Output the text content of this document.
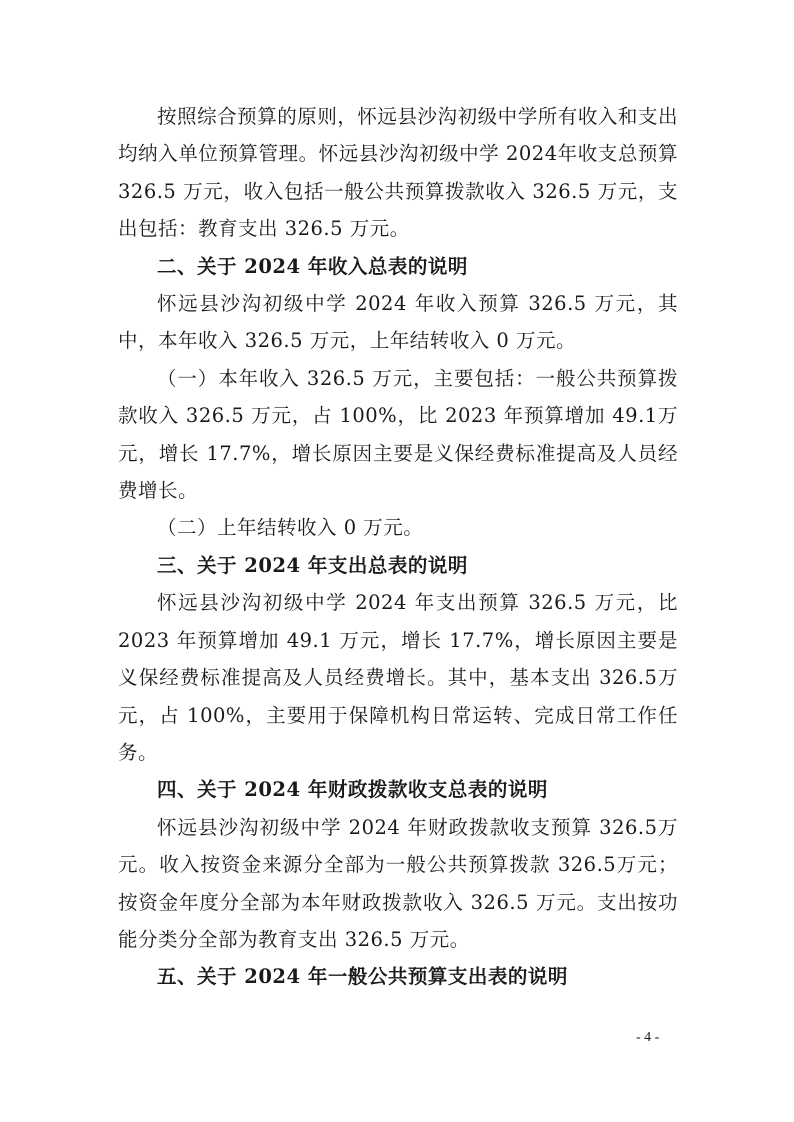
按照综合预算的原则，怀远县沙沟初级中学所有收入和支出均纳入单位预算管理。怀远县沙沟初级中学 2024年收支总预算 326.5 万元，收入包括一般公共预算拨款收入 326.5 万元，支出包括：教育支出 326.5 万元。

二、关于 2024 年收入总表的说明

怀远县沙沟初级中学 2024 年收入预算 326.5 万元，其中，本年收入 326.5 万元，上年结转收入 0 万元。

（一）本年收入 326.5 万元，主要包括：一般公共预算拨款收入 326.5 万元，占 100%，比 2023 年预算增加 49.1万元，增长 17.7%，增长原因主要是义保经费标准提高及人员经费增长。

（二）上年结转收入 0 万元。

三、关于 2024 年支出总表的说明

怀远县沙沟初级中学 2024 年支出预算 326.5 万元，比2023 年预算增加 49.1 万元，增长 17.7%，增长原因主要是义保经费标准提高及人员经费增长。其中，基本支出 326.5万元，占 100%，主要用于保障机构日常运转、完成日常工作任务。

四、关于 2024 年财政拨款收支总表的说明

怀远县沙沟初级中学 2024 年财政拨款收支预算 326.5万元。收入按资金来源分全部为一般公共预算拨款 326.5万元；按资金年度分全部为本年财政拨款收入 326.5 万元。支出按功能分类分全部为教育支出 326.5 万元。

五、关于 2024 年一般公共预算支出表的说明

- 4 -
